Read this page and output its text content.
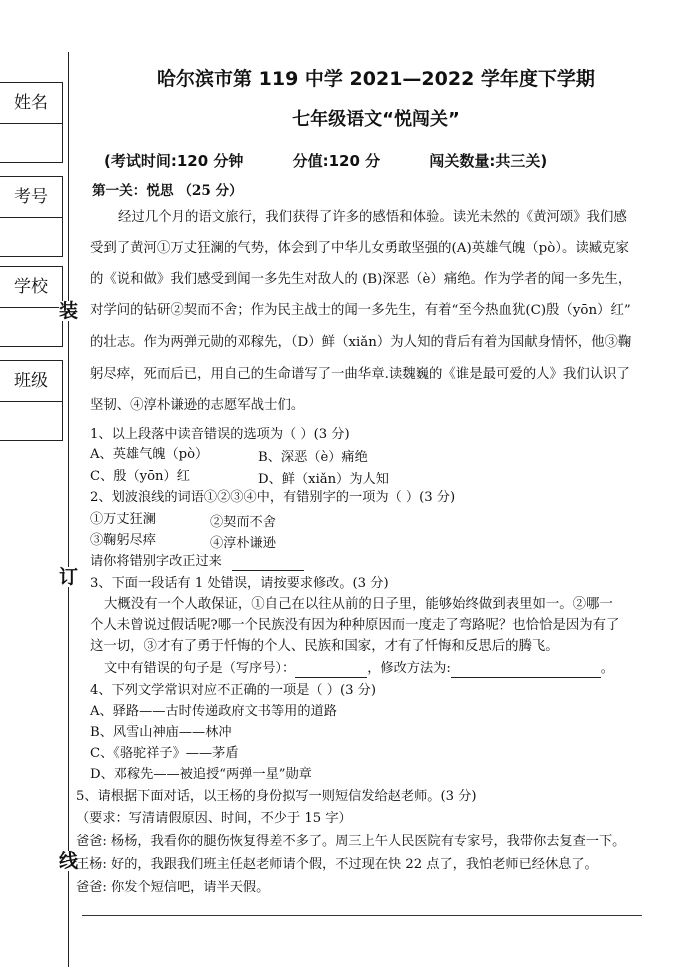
姓名
考号
学校
班级
装
订
线
哈尔滨市第 119 中学 2021—2022 学年度下学期
七年级语文“悦闯关”
(考试时间:120 分钟	分值:120 分	闯关数量:共三关)
第一关：悦思 （25 分）
经过几个月的语文旅行，我们获得了许多的感悟和体验。读光未然的《黄河颂》我们感
受到了黄河①万丈狂澜的气势，体会到了中华儿女勇敢坚强的(A)英雄气魄（pò）。读臧克家
的《说和做》我们感受到闻一多先生对敌人的 (B)深恶（è）痛绝。作为学者的闻一多先生，
对学问的钻研②契而不舍；作为民主战士的闻一多先生，有着“至今热血犹(C)殷（yōn）红”
的壮志。作为两弹元勋的邓稼先，（D）鲜（xiǎn）为人知的背后有着为国献身情怀，他③鞠
躬尽瘁，死而后已，用自己的生命谱写了一曲华章.读魏巍的《谁是最可爱的人》我们认识了
坚韧、④淳朴谦逊的志愿军战士们。
1、以上段落中读音错误的选项为（ ）(3 分)
A、英雄气魄（pò）	B、深恶（è）痛绝
C、殷（yōn）红	D、鲜（xiǎn）为人知
2、划波浪线的词语①②③④中，有错别字的一项为（ ）(3 分)
①万丈狂澜	②契而不舍
③鞠躬尽瘁	④淳朴谦逊
请你将错别字改正过来
3、下面一段话有 1 处错误，请按要求修改。(3 分)
大概没有一个人敢保证，①自己在以往从前的日子里，能够始终做到表里如一。②哪一
个人未曾说过假话呢?哪一个民族没有因为种种原因而一度走了弯路呢？也恰恰是因为有了
这一切，③才有了勇于忏悔的个人、民族和国家，才有了忏悔和反思后的腾飞。
文中有错误的句子是（写序号）：	，修改方法为:	。
4、下列文学常识对应不正确的一项是（ ）(3 分)
A、驿路——古时传递政府文书等用的道路
B、风雪山神庙——林冲
C、《骆驼祥子》——茅盾
D、邓稼先——被追授“两弹一星”勋章
5、请根据下面对话，以王杨的身份拟写一则短信发给赵老师。(3 分)
（要求：写清请假原因、时间，不少于 15 字）
爸爸: 杨杨，我看你的腿伤恢复得差不多了。周三上午人民医院有专家号，我带你去复查一下。
王杨: 好的，我跟我们班主任赵老师请个假，不过现在快 22 点了，我怕老师已经休息了。
爸爸: 你发个短信吧，请半天假。
